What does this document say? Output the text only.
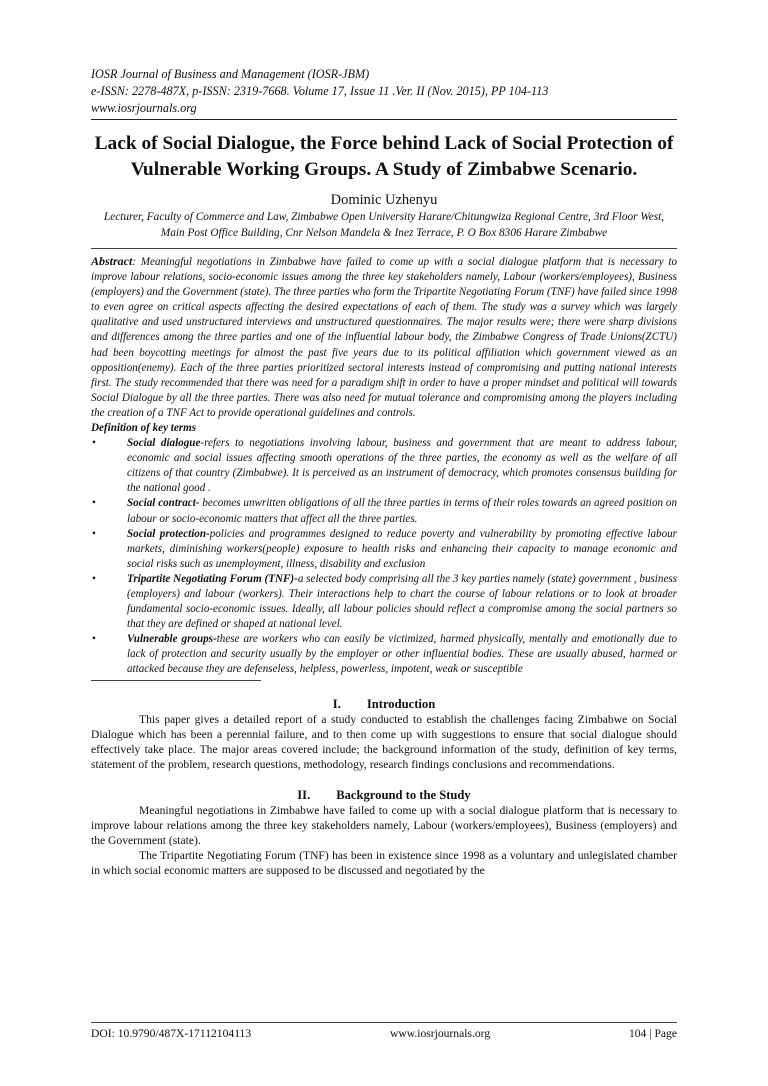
IOSR Journal of Business and Management (IOSR-JBM)
e-ISSN: 2278-487X, p-ISSN: 2319-7668. Volume 17, Issue 11 .Ver. II (Nov. 2015), PP 104-113
www.iosrjournals.org
Lack of Social Dialogue, the Force behind Lack of Social Protection of Vulnerable Working Groups. A Study of Zimbabwe Scenario.
Dominic Uzhenyu
Lecturer, Faculty of Commerce and Law, Zimbabwe Open University Harare/Chitungwiza Regional Centre, 3rd Floor West, Main Post Office Building, Cnr Nelson Mandela & Inez Terrace, P. O Box 8306 Harare Zimbabwe
Abstract: Meaningful negotiations in Zimbabwe have failed to come up with a social dialogue platform that is necessary to improve labour relations, socio-economic issues among the three key stakeholders namely, Labour (workers/employees), Business (employers) and the Government (state). The three parties who form the Tripartite Negotiating Forum (TNF) have failed since 1998 to even agree on critical aspects affecting the desired expectations of each of them. The study was a survey which was largely qualitative and used unstructured interviews and unstructured questionnaires. The major results were; there were sharp divisions and differences among the three parties and one of the influential labour body, the Zimbabwe Congress of Trade Unions(ZCTU) had been boycotting meetings for almost the past five years due to its political affiliation which government viewed as an opposition(enemy). Each of the three parties prioritized sectoral interests instead of compromising and putting national interests first. The study recommended that there was need for a paradigm shift in order to have a proper mindset and political will towards Social Dialogue by all the three parties. There was also need for mutual tolerance and compromising among the players including the creation of a TNF Act to provide operational guidelines and controls.
Definition of key terms
•	Social dialogue-refers to negotiations involving labour, business and government that are meant to address labour, economic and social issues affecting smooth operations of the three parties, the economy as well as the welfare of all citizens of that country (Zimbabwe). It is perceived as an instrument of democracy, which promotes consensus building for the national good .
•	Social contract- becomes unwritten obligations of all the three parties in terms of their roles towards an agreed position on labour or socio-economic matters that affect all the three parties.
•	Social protection-policies and programmes designed to reduce poverty and vulnerability by promoting effective labour markets, diminishing workers(people) exposure to health risks and enhancing their capacity to manage economic and social risks such as unemployment, illness, disability and exclusion
•	Tripartite Negotiating Forum (TNF)-a selected body comprising all the 3 key parties namely (state) government , business (employers) and labour (workers). Their interactions help to chart the course of labour relations or to look at broader fundamental socio-economic issues. Ideally, all labour policies should reflect a compromise among the social partners so that they are defined or shaped at national level.
•	Vulnerable groups-these are workers who can easily be victimized, harmed physically, mentally and emotionally due to lack of protection and security usually by the employer or other influential bodies. These are usually abused, harmed or attacked because they are defenseless, helpless, powerless, impotent, weak or susceptible
I. Introduction

This paper gives a detailed report of a study conducted to establish the challenges facing Zimbabwe on Social Dialogue which has been a perennial failure, and to then come up with suggestions to ensure that social dialogue should effectively take place. The major areas covered include; the background information of the study, definition of key terms, statement of the problem, research questions, methodology, research findings conclusions and recommendations.

II. Background to the Study

Meaningful negotiations in Zimbabwe have failed to come up with a social dialogue platform that is necessary to improve labour relations among the three key stakeholders namely, Labour (workers/employees), Business (employers) and the Government (state).

The Tripartite Negotiating Forum (TNF) has been in existence since 1998 as a voluntary and unlegislated chamber in which social economic matters are supposed to be discussed and negotiated by the

DOI: 10.9790/487X-17112104113	www.iosrjournals.org	104 | Page
